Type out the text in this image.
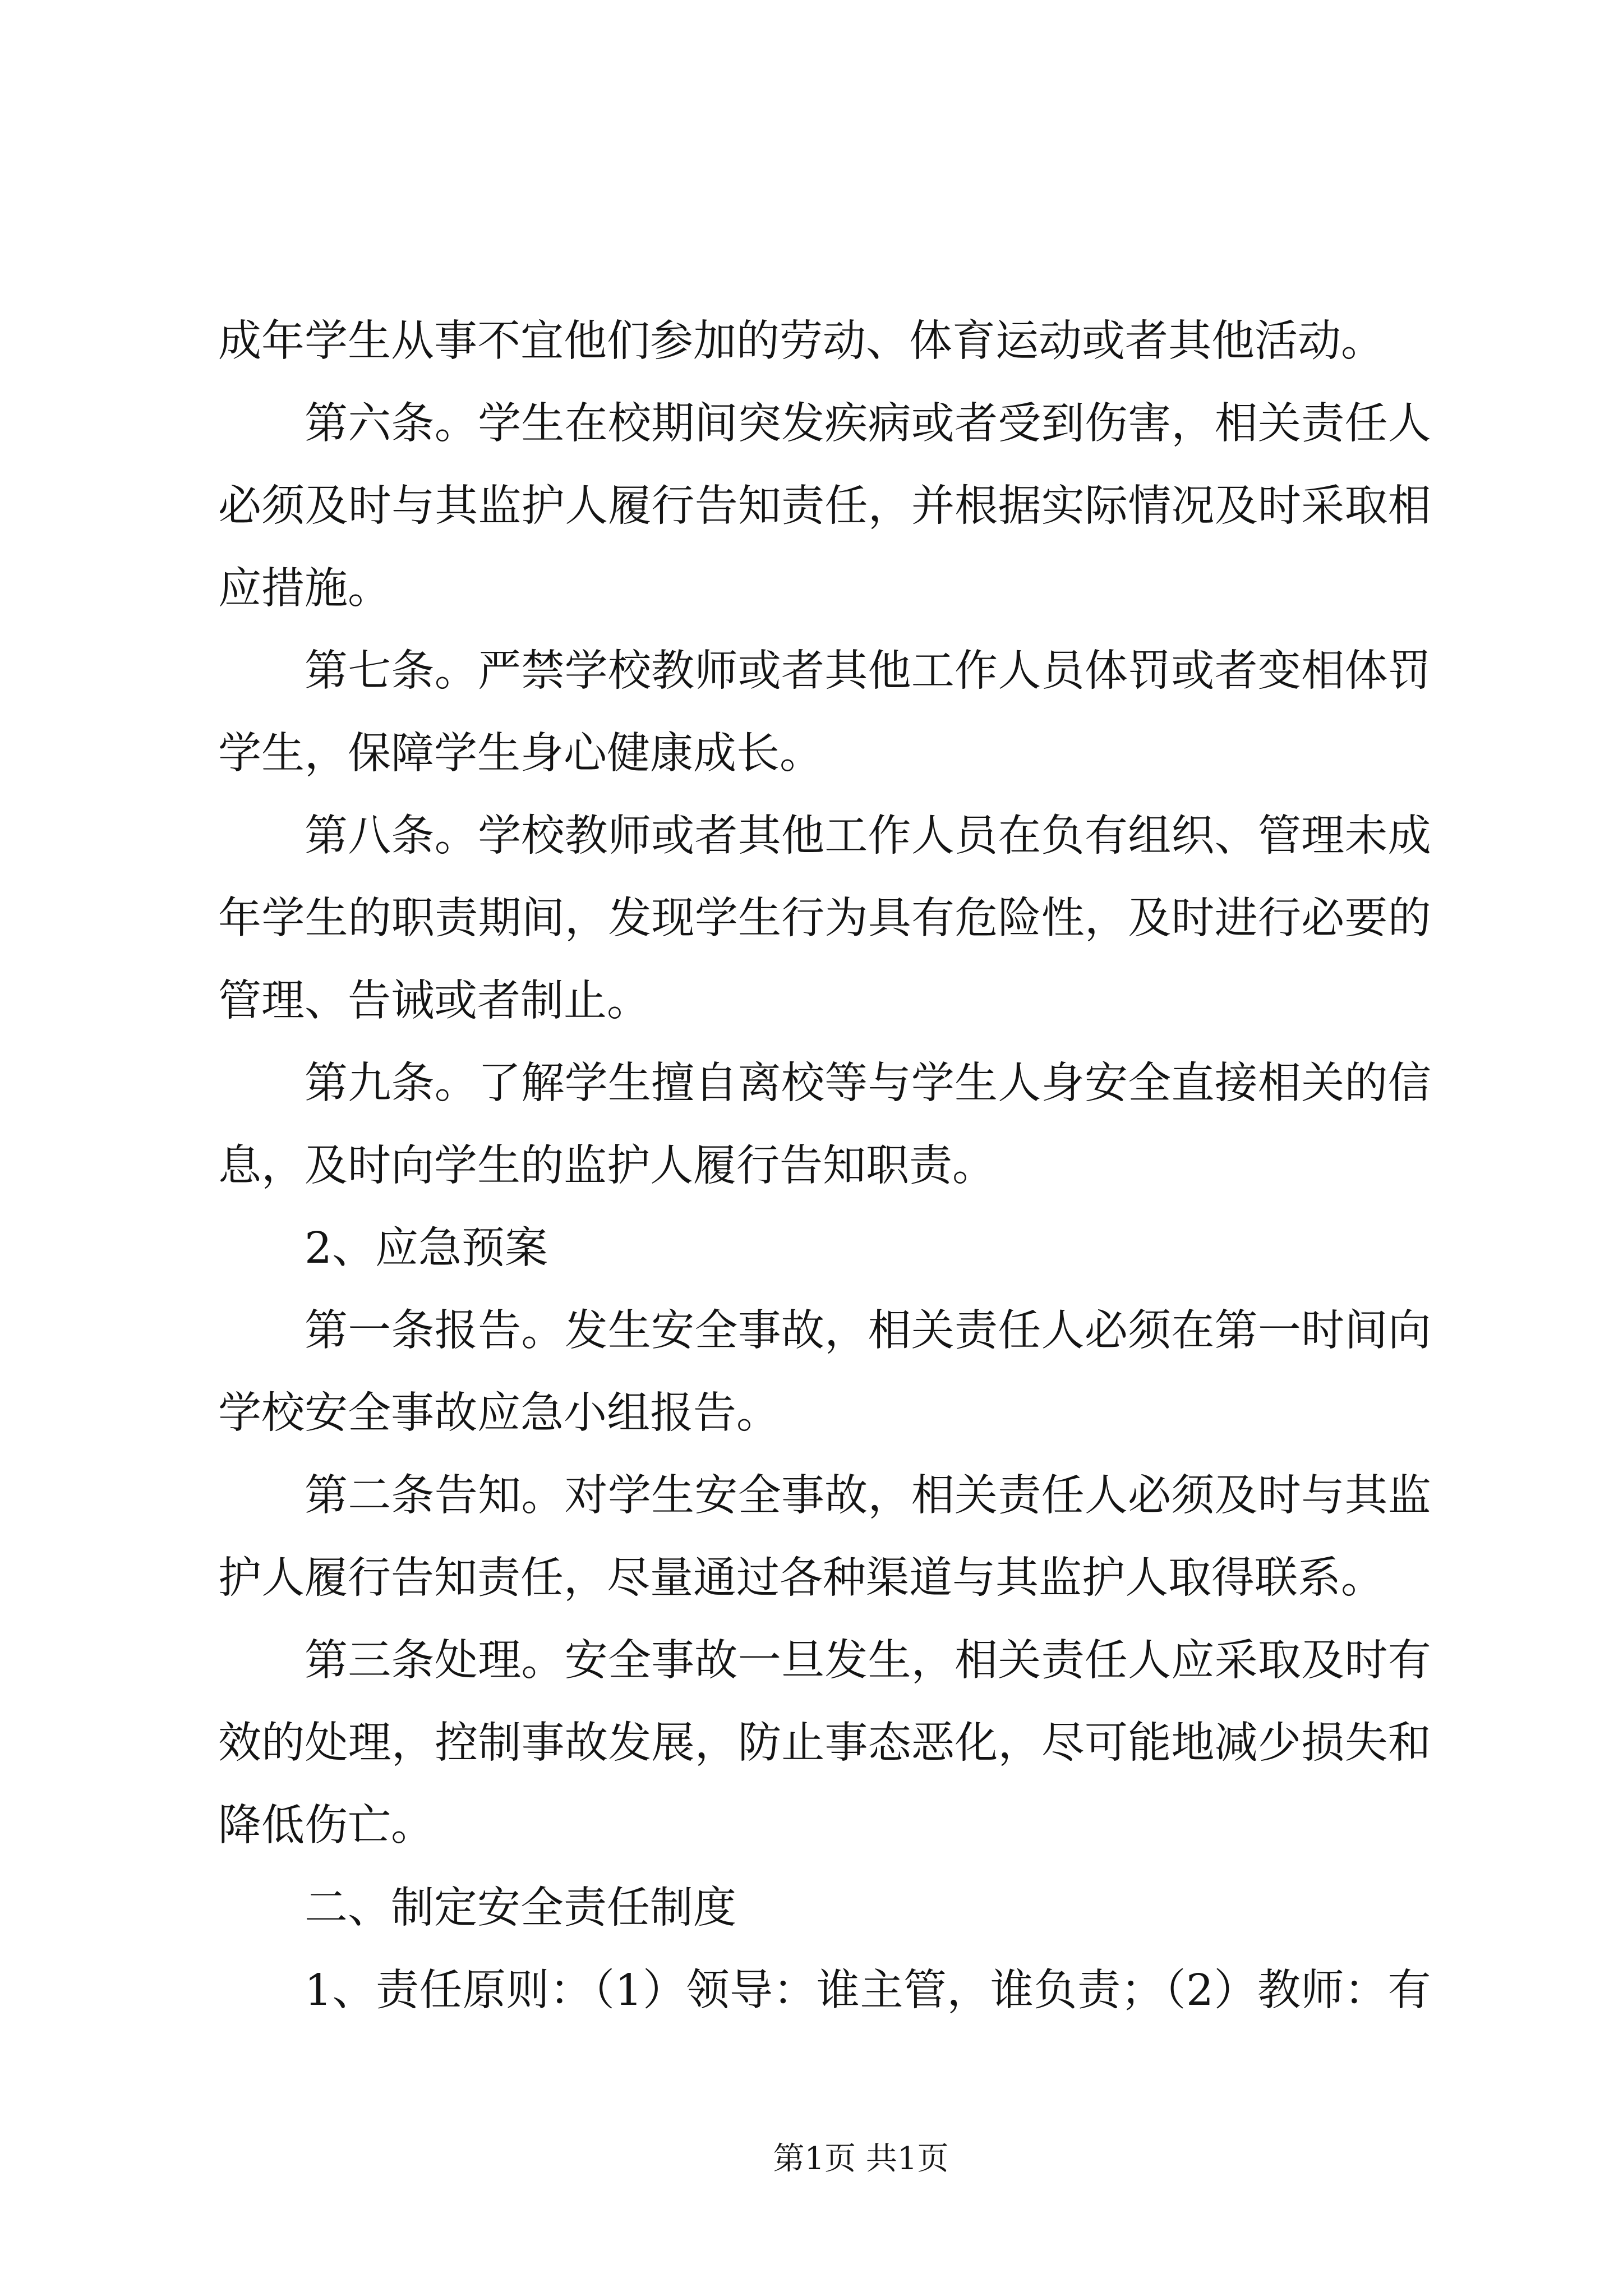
成年学生从事不宜他们参加的劳动、体育运动或者其他活动。
第六条。学生在校期间突发疾病或者受到伤害，相关责任人
必须及时与其监护人履行告知责任，并根据实际情况及时采取相
应措施。
第七条。严禁学校教师或者其他工作人员体罚或者变相体罚
学生，保障学生身心健康成长。
第八条。学校教师或者其他工作人员在负有组织、管理未成
年学生的职责期间，发现学生行为具有危险性，及时进行必要的
管理、告诫或者制止。
第九条。了解学生擅自离校等与学生人身安全直接相关的信
息，及时向学生的监护人履行告知职责。
2、应急预案
第一条报告。发生安全事故，相关责任人必须在第一时间向
学校安全事故应急小组报告。
第二条告知。对学生安全事故，相关责任人必须及时与其监
护人履行告知责任，尽量通过各种渠道与其监护人取得联系。
第三条处理。安全事故一旦发生，相关责任人应采取及时有
效的处理，控制事故发展，防止事态恶化，尽可能地减少损失和
降低伤亡。
二、制定安全责任制度
1、责任原则：（1）领导：谁主管，谁负责；（2）教师：有
第1页 共1页
